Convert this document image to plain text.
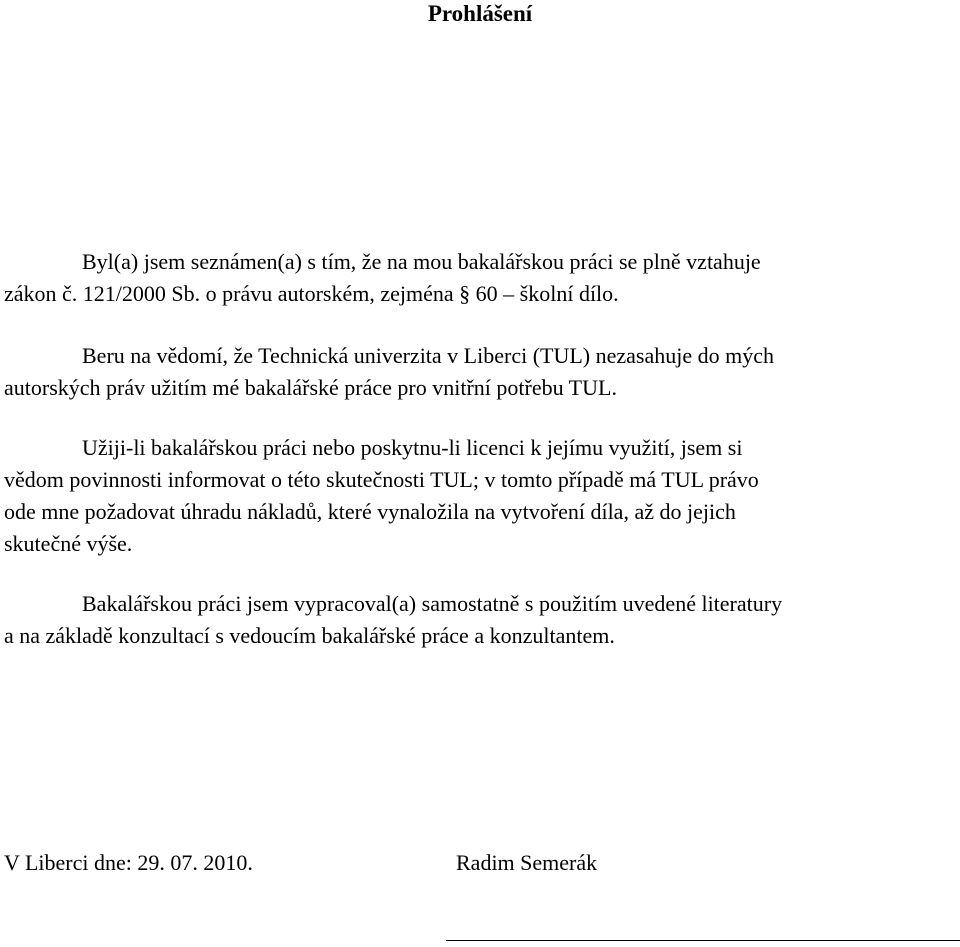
Prohlášení

Byl(a) jsem seznámen(a) s tím, že na mou bakalářskou práci se plně vztahuje
zákon č. 121/2000 Sb. o právu autorském, zejména § 60 – školní dílo.

Beru na vědomí, že Technická univerzita v Liberci (TUL) nezasahuje do mých
autorských práv užitím mé bakalářské práce pro vnitřní potřebu TUL.

Užiji-li bakalářskou práci nebo poskytnu-li licenci k jejímu využití, jsem si
vědom povinnosti informovat o této skutečnosti TUL; v tomto případě má TUL právo
ode mne požadovat úhradu nákladů, které vynaložila na vytvoření díla, až do jejich
skutečné výše.

Bakalářskou práci jsem vypracoval(a) samostatně s použitím uvedené literatury
a na základě konzultací s vedoucím bakalářské práce a konzultantem.

V Liberci dne: 29. 07. 2010.	Radim Semerák
